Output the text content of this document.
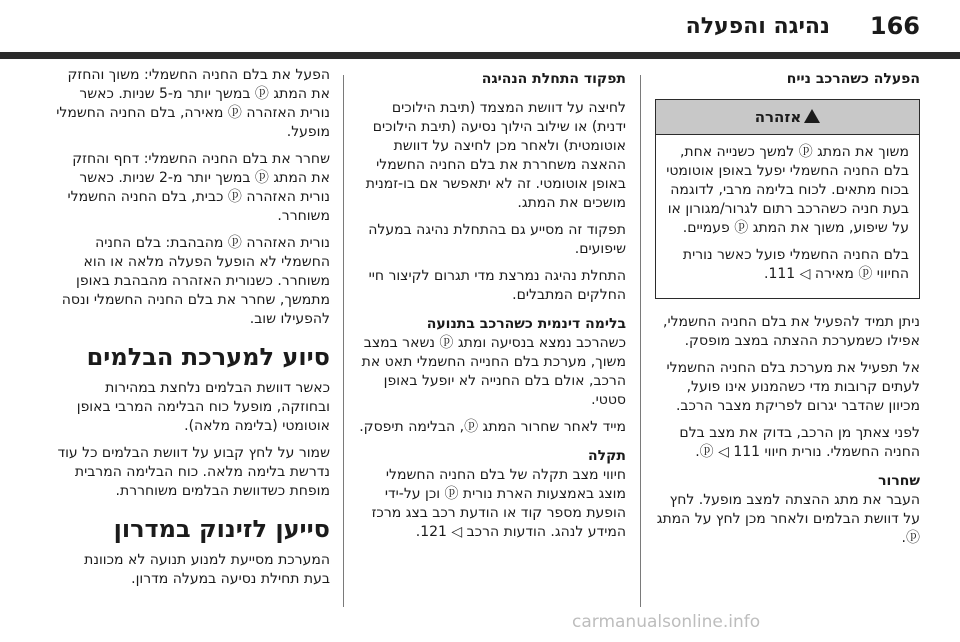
נהיגה והפעלה 166
הפעלה כשהרכב נייח
אזהרה

משוך את המתג ⓟ למשך כשנייה אחת, בלם החניה החשמלי יפעל באופן אוטומטי בכוח מתאים. לכוח בלימה מרבי, לדוגמה בעת חניה כשהרכב רתום לגרור/מגורון או על שיפוע, משוך את המתג ⓟ פעמיים.

בלם החניה החשמלי פועל כאשר נורית החיווי ⓟ מאירה ◁ 111.

ניתן תמיד להפעיל את בלם החניה החשמלי, אפילו כשמערכת ההצתה במצב מופסק.

אל תפעיל את מערכת בלם החניה החשמלי לעתים קרובות מדי כשהמנוע אינו פועל, מכיוון שהדבר יגרום לפריקת מצבר הרכב.

לפני צאתך מן הרכב, בדוק את מצב בלם החניה החשמלי. נורית חיווי ⓟ ◁ 111.

שחרור

העבר את מתג ההצתה למצב מופעל. לחץ על דוושת הבלמים ולאחר מכן לחץ על המתג ⓟ.

תפקוד התחלת הנהיגה

לחיצה על דוושת המצמד (תיבת הילוכים ידנית) או שילוב הילוך נסיעה (תיבת הילוכים אוטומטית) ולאחר מכן לחיצה על דוושת ההאצה משחררת את בלם החניה החשמלי באופן אוטומטי. זה לא יתאפשר אם בו-זמנית מושכים את המתג.

תפקוד זה מסייע גם בהתחלת נהיגה במעלה שיפועים.

התחלת נהיגה נמרצת מדי תגרום לקיצור חיי החלקים המתבלים.

בלימה דינמית כשהרכב בתנועה

כשהרכב נמצא בנסיעה ומתג ⓟ נשאר במצב משוך, מערכת בלם החנייה החשמלי תאט את הרכב, אולם בלם החנייה לא יופעל באופן סטטי.

מייד לאחר שחרור המתג ⓟ, הבלימה תיפסק.

תקלה

חיווי מצב תקלה של בלם החניה החשמלי מוצג באמצעות הארת נורית ⓟ וכן על-ידי הופעת מספר קוד או הודעת רכב בצג מרכז המידע לנהג. הודעות הרכב ◁ 121.

הפעל את בלם החניה החשמלי: משוך והחזק את המתג ⓟ במשך יותר מ-5 שניות. כאשר נורית האזהרה ⓟ מאירה, בלם החניה החשמלי מופעל.

שחרר את בלם החניה החשמלי: דחף והחזק את המתג ⓟ במשך יותר מ-2 שניות. כאשר נורית האזהרה ⓟ כבית, בלם החניה החשמלי משוחרר.

נורית האזהרה ⓟ מהבהבת: בלם החניה החשמלי לא הופעל הפעלה מלאה או הוא משוחרר. כשנורית האזהרה מהבהבת באופן מתמשך, שחרר את בלם החניה החשמלי ונסה להפעילו שוב.

סיוע למערכת הבלמים

כאשר דוושת הבלמים נלחצת במהירות ובחוזקה, מופעל כוח הבלימה המרבי באופן אוטומטי (בלימה מלאה).

שמור על לחץ קבוע על דוושת הבלמים כל עוד נדרשת בלימה מלאה. כוח הבלימה המרבית מופחת כשדוושת הבלמים משוחררת.

סייען לזינוק במדרון

המערכת מסייעת למנוע תנועה לא מכוונת בעת תחילת נסיעה במעלה מדרון.

carmanualsonline.info
